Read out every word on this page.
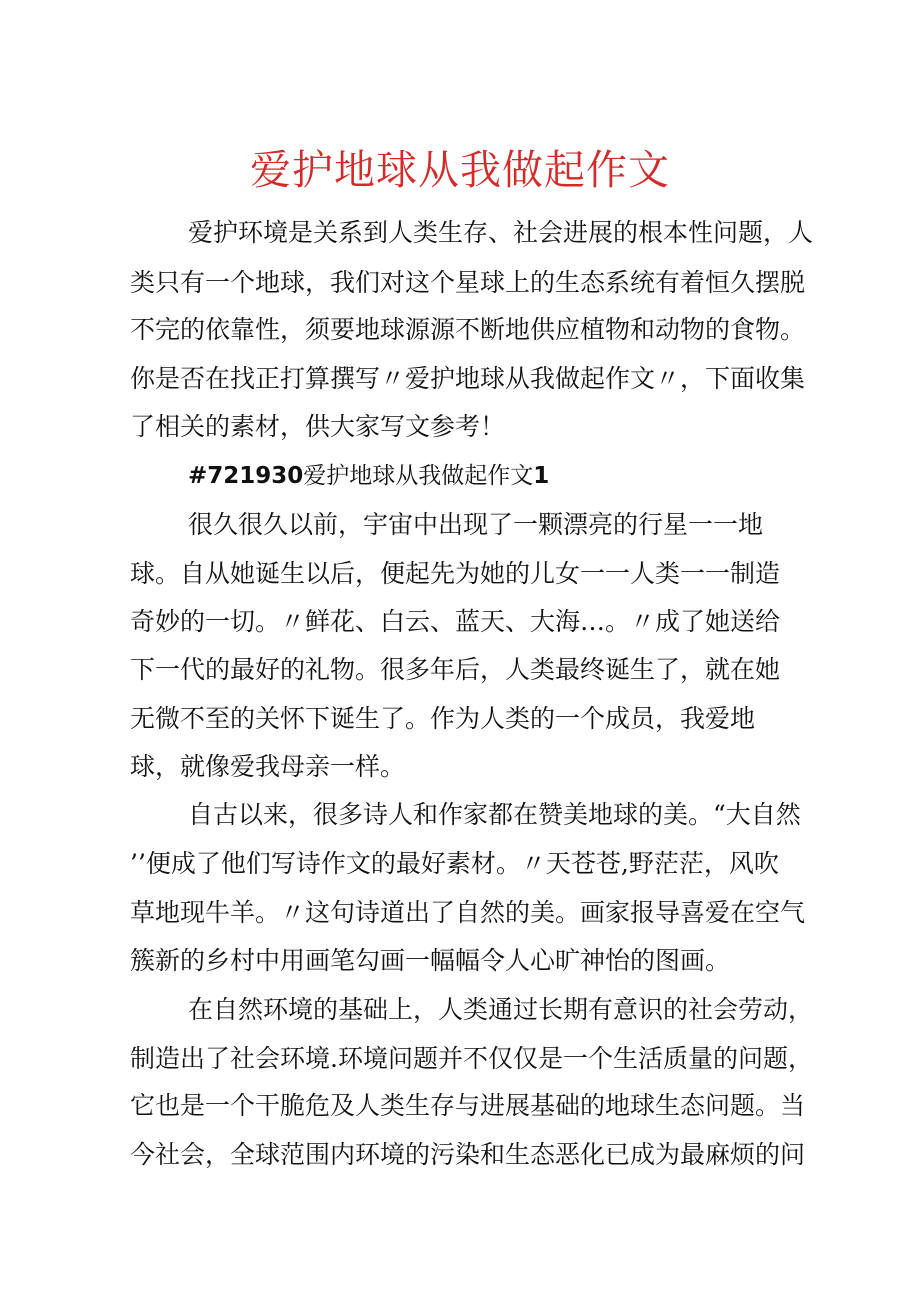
爱护地球从我做起作文

爱护环境是关系到人类生存、社会进展的根本性问题，人

类只有一个地球，我们对这个星球上的生态系统有着恒久摆脱

不完的依靠性，须要地球源源不断地供应植物和动物的食物。

你是否在找正打算撰写〃爱护地球从我做起作文〃，下面收集

了相关的素材，供大家写文参考！

#721930爱护地球从我做起作文1

很久很久以前，宇宙中出现了一颗漂亮的行星一一地

球。自从她诞生以后，便起先为她的儿女一一人类一一制造

奇妙的一切。〃鲜花、白云、蓝天、大海…。〃成了她送给

下一代的最好的礼物。很多年后，人类最终诞生了，就在她

无微不至的关怀下诞生了。作为人类的一个成员，我爱地

球，就像爱我母亲一样。

自古以来，很多诗人和作家都在赞美地球的美。“大自然

’’便成了他们写诗作文的最好素材。〃天苍苍,野茫茫，风吹

草地现牛羊。〃这句诗道出了自然的美。画家报导喜爱在空气

簇新的乡村中用画笔勾画一幅幅令人心旷神怡的图画。

在自然环境的基础上，人类通过长期有意识的社会劳动，

制造出了社会环境.环境问题并不仅仅是一个生活质量的问题，

它也是一个干脆危及人类生存与进展基础的地球生态问题。当

今社会，全球范围内环境的污染和生态恶化已成为最麻烦的问
